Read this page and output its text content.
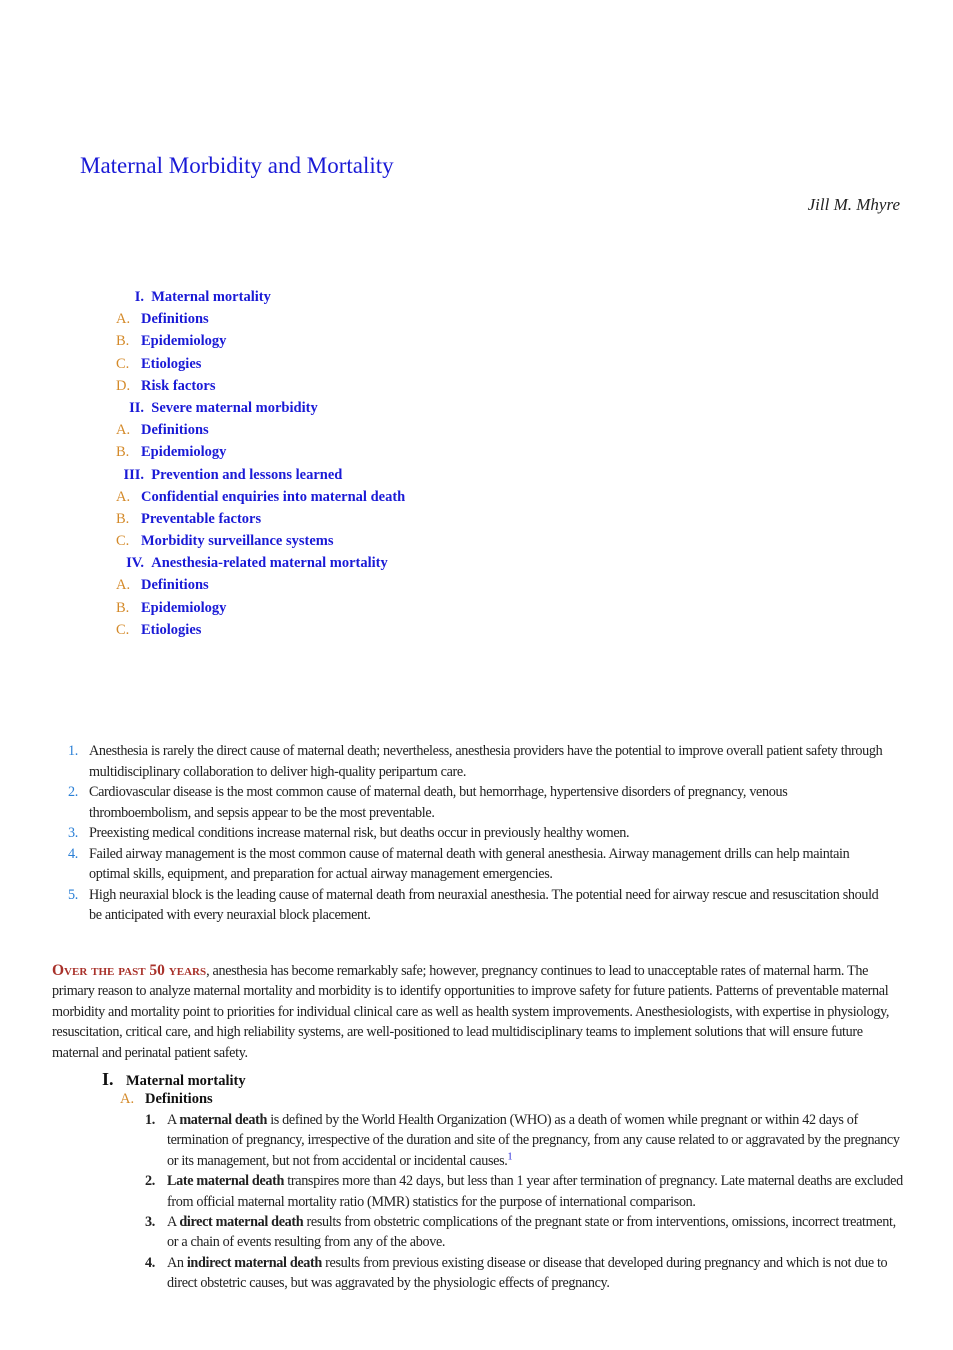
Maternal Morbidity and Mortality
Jill M. Mhyre
I. Maternal mortality
A. Definitions
B. Epidemiology
C. Etiologies
D. Risk factors
II. Severe maternal morbidity
A. Definitions
B. Epidemiology
III. Prevention and lessons learned
A. Confidential enquiries into maternal death
B. Preventable factors
C. Morbidity surveillance systems
IV. Anesthesia-related maternal mortality
A. Definitions
B. Epidemiology
C. Etiologies
1. Anesthesia is rarely the direct cause of maternal death; nevertheless, anesthesia providers have the potential to improve overall patient safety through multidisciplinary collaboration to deliver high-quality peripartum care.
2. Cardiovascular disease is the most common cause of maternal death, but hemorrhage, hypertensive disorders of pregnancy, venous thromboembolism, and sepsis appear to be the most preventable.
3. Preexisting medical conditions increase maternal risk, but deaths occur in previously healthy women.
4. Failed airway management is the most common cause of maternal death with general anesthesia. Airway management drills can help maintain optimal skills, equipment, and preparation for actual airway management emergencies.
5. High neuraxial block is the leading cause of maternal death from neuraxial anesthesia. The potential need for airway rescue and resuscitation should be anticipated with every neuraxial block placement.

Over the past 50 years, anesthesia has become remarkably safe; however, pregnancy continues to lead to unacceptable rates of maternal harm. The primary reason to analyze maternal mortality and morbidity is to identify opportunities to improve safety for future patients. Patterns of preventable maternal morbidity and mortality point to priorities for individual clinical care as well as health system improvements. Anesthesiologists, with expertise in physiology, resuscitation, critical care, and high reliability systems, are well-positioned to lead multidisciplinary teams to implement solutions that will ensure future maternal and perinatal patient safety.

I. Maternal mortality
A. Definitions
1. A maternal death is defined by the World Health Organization (WHO) as a death of women while pregnant or within 42 days of termination of pregnancy, irrespective of the duration and site of the pregnancy, from any cause related to or aggravated by the pregnancy or its management, but not from accidental or incidental causes.$^1$
2. Late maternal death transpires more than 42 days, but less than 1 year after termination of pregnancy. Late maternal deaths are excluded from official maternal mortality ratio (MMR) statistics for the purpose of international comparison.
3. A direct maternal death results from obstetric complications of the pregnant state or from interventions, omissions, incorrect treatment, or a chain of events resulting from any of the above.
4. An indirect maternal death results from previous existing disease or disease that developed during pregnancy and which is not due to direct obstetric causes, but was aggravated by the physiologic effects of pregnancy.
